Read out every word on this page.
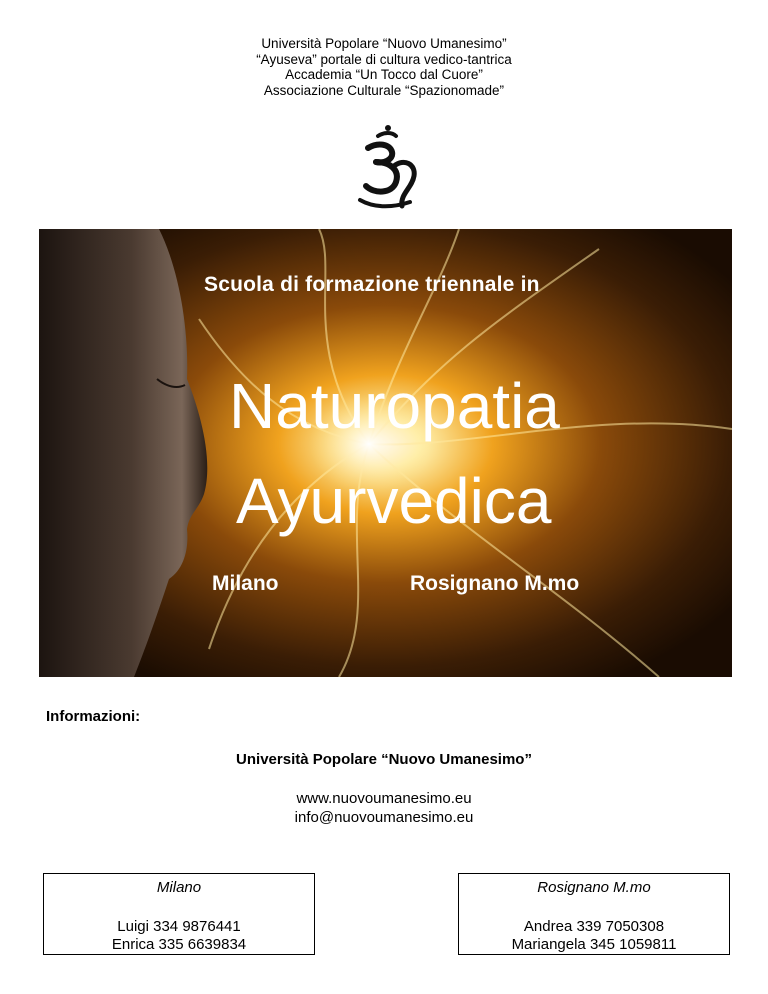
Università Popolare “Nuovo Umanesimo”
“Ayuseva” portale di cultura vedico-tantrica
Accademia “Un Tocco dal Cuore”
Associazione Culturale “Spazionomade”
Scuola di formazione triennale in
Naturopatia
Ayurvedica
Milano	Rosignano M.mo
Informazioni:
Università Popolare “Nuovo Umanesimo”
www.nuovoumanesimo.eu
info@nuovoumanesimo.eu
Milano
Luigi 334 9876441
Enrica 335 6639834
Rosignano M.mo
Andrea 339 7050308
Mariangela 345 1059811
